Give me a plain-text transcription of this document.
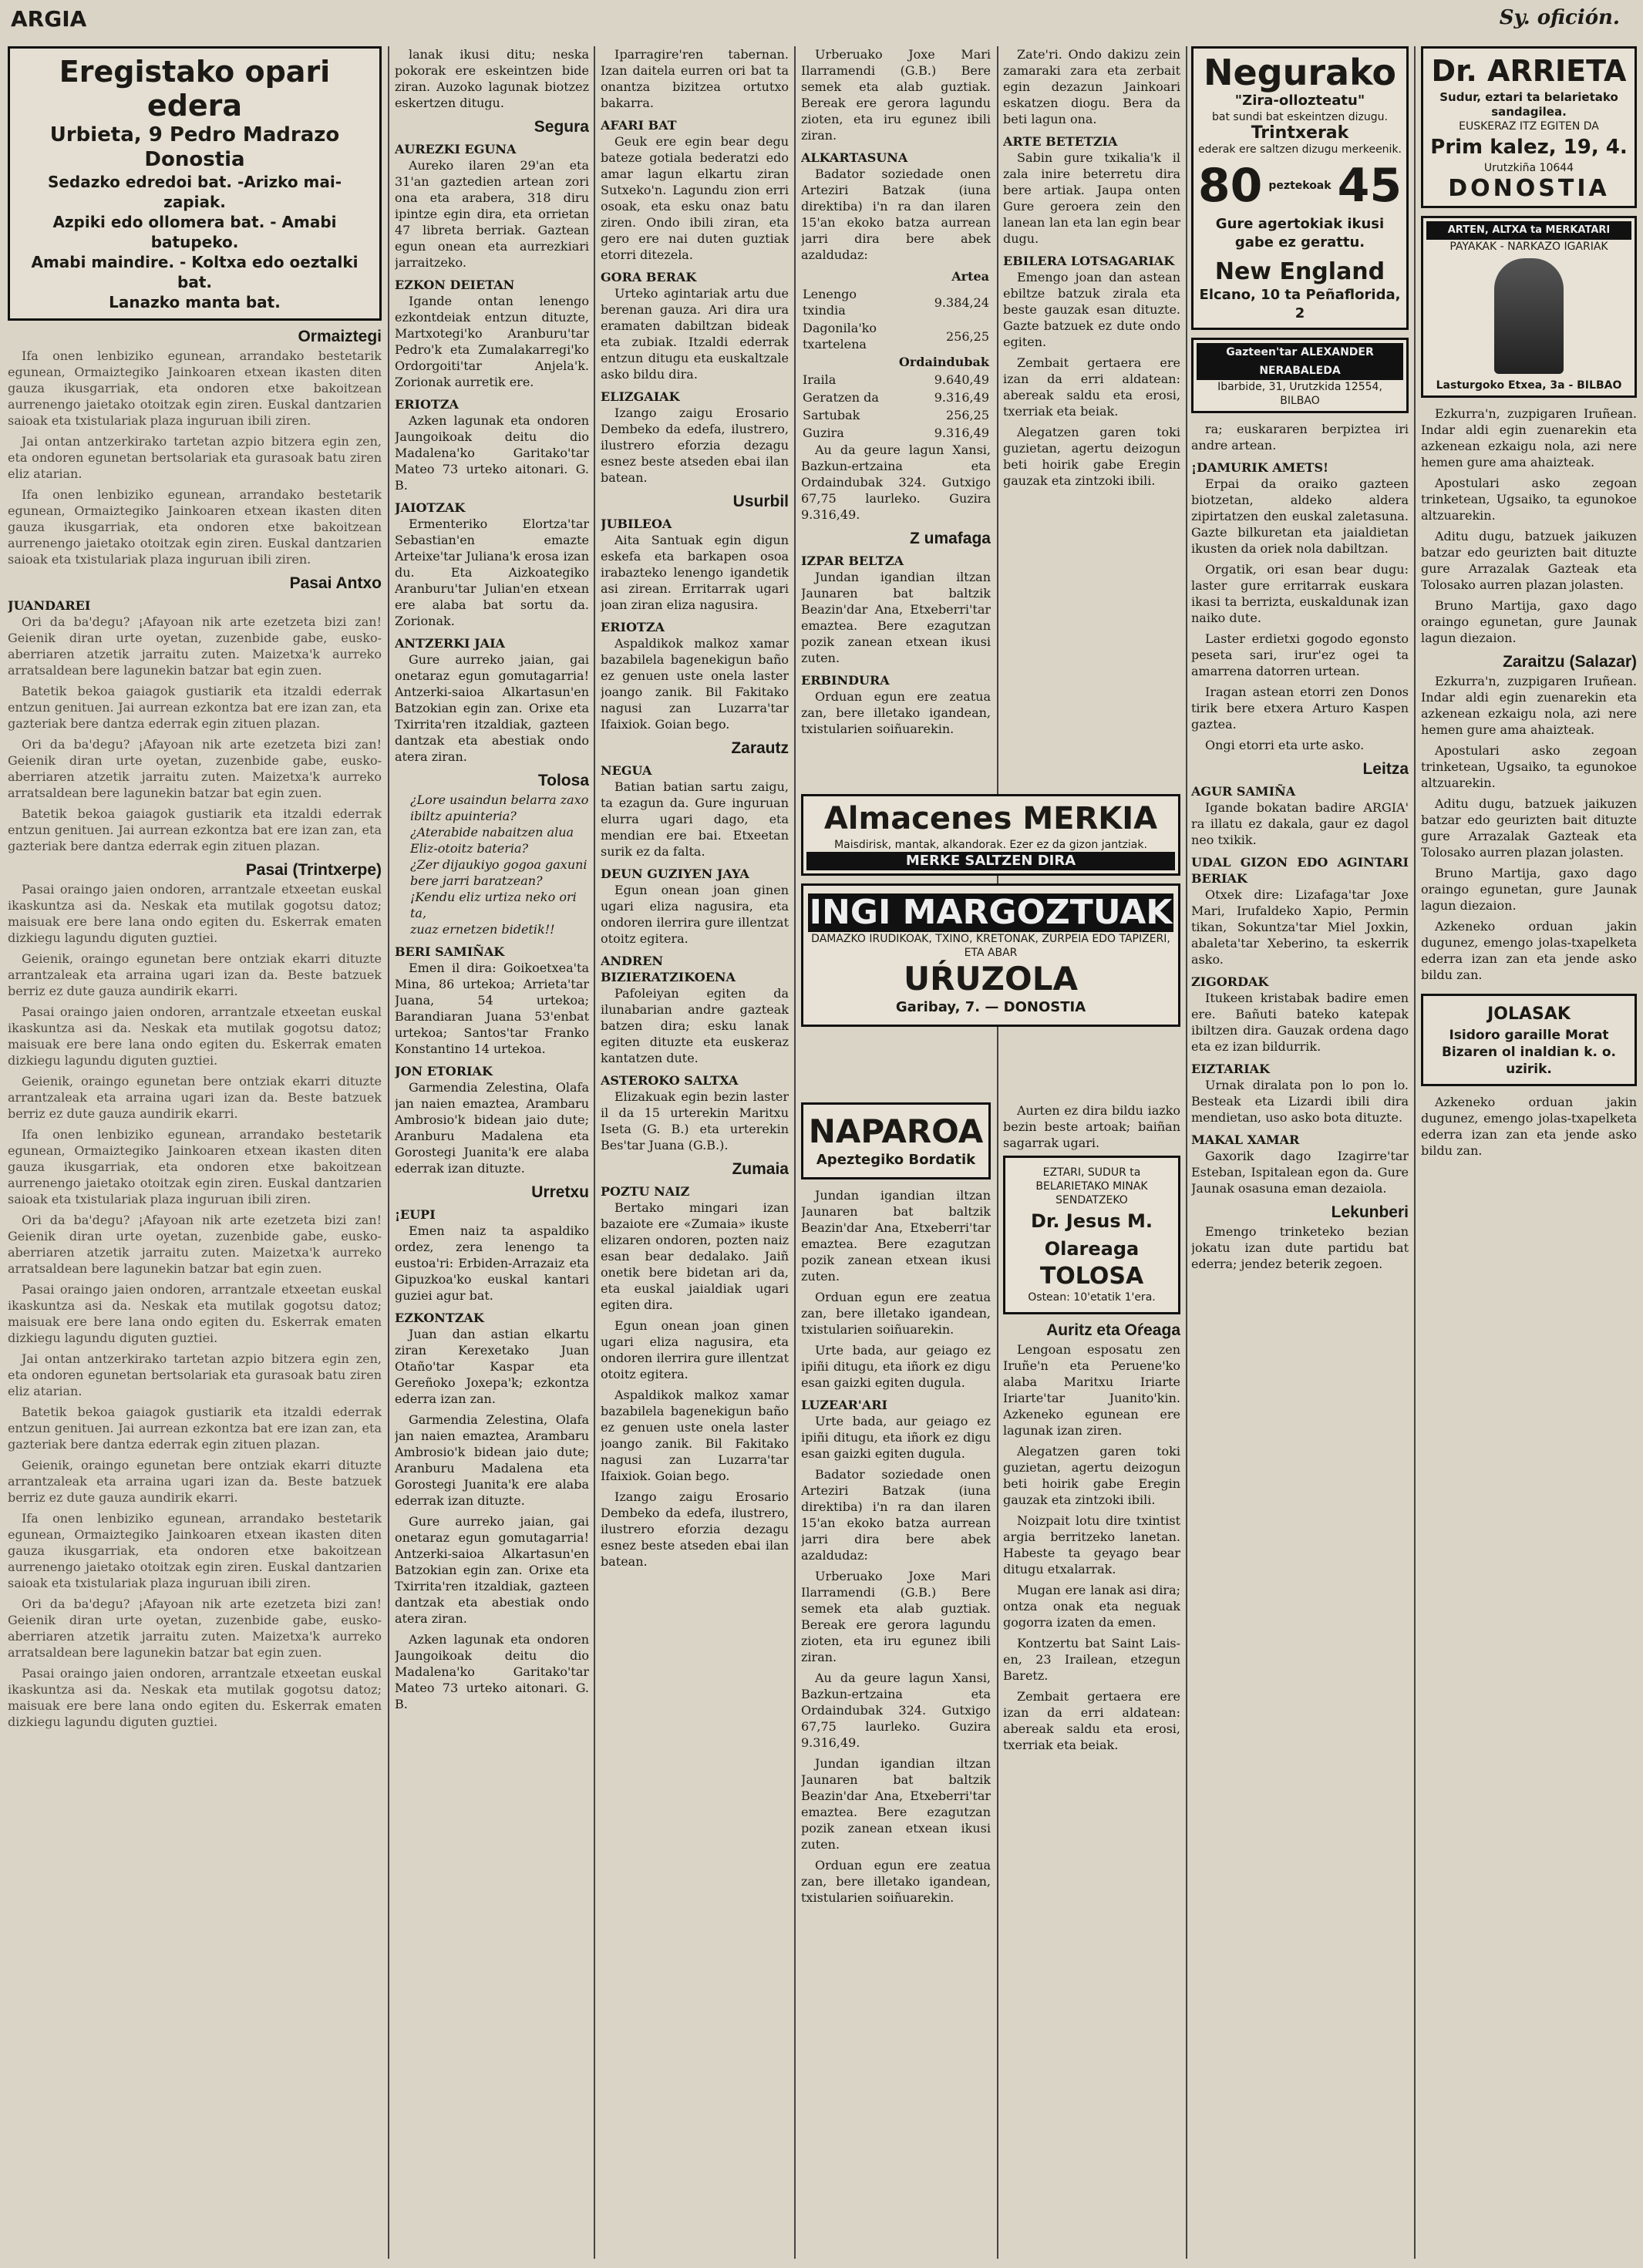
ARGIA	Sy. ofición.
Eregistako opari edera
Urbieta, 9 Pedro Madrazo Donostia
Sedazko edredoi bat. -Arizko mai-zapiak.
Azpiki edo ollomera bat. - Amabi batupeko.
Amabi maindire. - Koltxa edo oeztalki bat.
Lanazko manta bat.
Ormaiztegi

Ifa onen lenbiziko egunean, arrandako bestetarik egunean, Ormaiztegiko Jainkoaren etxean ikasten diten gauza ikusgarriak, eta ondoren etxe bakoitzean aurrenengo jaietako otoitzak egin ziren. Euskal dantzarien saioak eta txistulariak plaza inguruan ibili ziren.

Jai ontan antzerkirako tartetan azpio bitzera egin zen, eta ondoren egunetan bertsolariak eta gurasoak batu ziren eliz atarian.

Ifa onen lenbiziko egunean, arrandako bestetarik egunean, Ormaiztegiko Jainkoaren etxean ikasten diten gauza ikusgarriak, eta ondoren etxe bakoitzean aurrenengo jaietako otoitzak egin ziren. Euskal dantzarien saioak eta txistulariak plaza inguruan ibili ziren.

Pasai Antxo
JUANDAREI

Ori da ba'degu? ¡Afayoan nik arte ezetzeta bizi zan! Geienik diran urte oyetan, zuzenbide gabe, eusko-aberriaren atzetik jarraitu zuten. Maizetxa'k aurreko arratsaldean bere lagunekin batzar bat egin zuen.

Batetik bekoa gaiagok gustiarik eta itzaldi ederrak entzun genituen. Jai aurrean ezkontza bat ere izan zan, eta gazteriak bere dantza ederrak egin zituen plazan.

Ori da ba'degu? ¡Afayoan nik arte ezetzeta bizi zan! Geienik diran urte oyetan, zuzenbide gabe, eusko-aberriaren atzetik jarraitu zuten. Maizetxa'k aurreko arratsaldean bere lagunekin batzar bat egin zuen.

Batetik bekoa gaiagok gustiarik eta itzaldi ederrak entzun genituen. Jai aurrean ezkontza bat ere izan zan, eta gazteriak bere dantza ederrak egin zituen plazan.

Pasai (Trintxerpe)

Pasai oraingo jaien ondoren, arrantzale etxeetan euskal ikaskuntza asi da. Neskak eta mutilak gogotsu datoz; maisuak ere bere lana ondo egiten du. Eskerrak ematen dizkiegu lagundu diguten guztiei.

Geienik, oraingo egunetan bere ontziak ekarri dituzte arrantzaleak eta arraina ugari izan da. Beste batzuek berriz ez dute gauza aundirik ekarri.

Pasai oraingo jaien ondoren, arrantzale etxeetan euskal ikaskuntza asi da. Neskak eta mutilak gogotsu datoz; maisuak ere bere lana ondo egiten du. Eskerrak ematen dizkiegu lagundu diguten guztiei.

Geienik, oraingo egunetan bere ontziak ekarri dituzte arrantzaleak eta arraina ugari izan da. Beste batzuek berriz ez dute gauza aundirik ekarri.

Ifa onen lenbiziko egunean, arrandako bestetarik egunean, Ormaiztegiko Jainkoaren etxean ikasten diten gauza ikusgarriak, eta ondoren etxe bakoitzean aurrenengo jaietako otoitzak egin ziren. Euskal dantzarien saioak eta txistulariak plaza inguruan ibili ziren.

Ori da ba'degu? ¡Afayoan nik arte ezetzeta bizi zan! Geienik diran urte oyetan, zuzenbide gabe, eusko-aberriaren atzetik jarraitu zuten. Maizetxa'k aurreko arratsaldean bere lagunekin batzar bat egin zuen.

Pasai oraingo jaien ondoren, arrantzale etxeetan euskal ikaskuntza asi da. Neskak eta mutilak gogotsu datoz; maisuak ere bere lana ondo egiten du. Eskerrak ematen dizkiegu lagundu diguten guztiei.

Jai ontan antzerkirako tartetan azpio bitzera egin zen, eta ondoren egunetan bertsolariak eta gurasoak batu ziren eliz atarian.

Batetik bekoa gaiagok gustiarik eta itzaldi ederrak entzun genituen. Jai aurrean ezkontza bat ere izan zan, eta gazteriak bere dantza ederrak egin zituen plazan.

Geienik, oraingo egunetan bere ontziak ekarri dituzte arrantzaleak eta arraina ugari izan da. Beste batzuek berriz ez dute gauza aundirik ekarri.

Ifa onen lenbiziko egunean, arrandako bestetarik egunean, Ormaiztegiko Jainkoaren etxean ikasten diten gauza ikusgarriak, eta ondoren etxe bakoitzean aurrenengo jaietako otoitzak egin ziren. Euskal dantzarien saioak eta txistulariak plaza inguruan ibili ziren.

Ori da ba'degu? ¡Afayoan nik arte ezetzeta bizi zan! Geienik diran urte oyetan, zuzenbide gabe, eusko-aberriaren atzetik jarraitu zuten. Maizetxa'k aurreko arratsaldean bere lagunekin batzar bat egin zuen.

Pasai oraingo jaien ondoren, arrantzale etxeetan euskal ikaskuntza asi da. Neskak eta mutilak gogotsu datoz; maisuak ere bere lana ondo egiten du. Eskerrak ematen dizkiegu lagundu diguten guztiei.

lanak ikusi ditu; neska pokorak ere eskeintzen bide ziran. Auzoko lagunak biotzez eskertzen ditugu.

Segura
AUREZKI EGUNA

Aureko ilaren 29'an eta 31'an gaztedien artean zori ona eta arabera, 318 diru ipintze egin dira, eta orrietan 47 libreta berriak. Gaztean egun onean eta aurrezkiari jarraitzeko.

EZKON DEIETAN

Igande ontan lenengo ezkontdeiak entzun dituzte, Martxotegi'ko Aranburu'tar Pedro'k eta Zumalakarregi'ko Ordorgoiti'tar Anjela'k. Zorionak aurretik ere.

ERIOTZA

Azken lagunak eta ondoren Jaungoikoak deitu dio Madalena'ko Garitako'tar Mateo 73 urteko aitonari. G. B.

JAIOTZAK

Ermenteriko Elortza'tar Sebastian'en emazte Arteixe'tar Juliana'k erosa izan du. Eta Aizkoategiko Aranburu'tar Julian'en etxean ere alaba bat sortu da. Zorionak.

ANTZERKI JAIA

Gure aurreko jaian, gai onetaraz egun gomutagarria! Antzerki-saioa Alkartasun'en Batzokian egin zan. Orixe eta Txirrita'ren itzaldiak, gazteen dantzak eta abestiak ondo atera ziran.

Tolosa
¿Lore usaindun belarra zaxo
ibiltz apuinteria?
¿Aterabide nabaitzen alua
Eliz-otoitz bateria?
¿Zer dijaukiyo gogoa gaxuni
bere jarri baratzean?
¡Kendu eliz urtiza neko ori ta,
zuaz ernetzen bidetik!!
BERI SAMIÑAK

Emen il dira: Goikoetxea'ta Mina, 86 urtekoa; Arrieta'tar Juana, 54 urtekoa; Barandiaran Juana 53'enbat urtekoa; Santos'tar Franko Konstantino 14 urtekoa.

JON ETORIAK

Garmendia Zelestina, Olafa jan naien emaztea, Arambaru Ambrosio'k bidean jaio dute; Aranburu Madalena eta Gorostegi Juanita'k ere alaba ederrak izan dituzte.

Urretxu
¡EUPI

Emen naiz ta aspaldiko ordez, zera lenengo ta eustoa'ri: Erbiden-Arrazaiz eta Gipuzkoa'ko euskal kantari guziei agur bat.

EZKONTZAK

Juan dan astian elkartu ziran Kerexetako Juan Otaño'tar Kaspar eta Gereñoko Joxepa'k; ezkontza ederra izan zan.

Garmendia Zelestina, Olafa jan naien emaztea, Arambaru Ambrosio'k bidean jaio dute; Aranburu Madalena eta Gorostegi Juanita'k ere alaba ederrak izan dituzte.

Gure aurreko jaian, gai onetaraz egun gomutagarria! Antzerki-saioa Alkartasun'en Batzokian egin zan. Orixe eta Txirrita'ren itzaldiak, gazteen dantzak eta abestiak ondo atera ziran.

Azken lagunak eta ondoren Jaungoikoak deitu dio Madalena'ko Garitako'tar Mateo 73 urteko aitonari. G. B.

Iparragire'ren tabernan. Izan daitela eurren ori bat ta onantza bizitzea ortutxo bakarra.

AFARI BAT

Geuk ere egin bear degu bateze gotiala bederatzi edo amar lagun elkartu ziran Sutxeko'n. Lagundu zion erri osoak, eta esku onaz batu ziren. Ondo ibili ziran, eta gero ere nai duten guztiak etorri ditezela.

GORA BERAK

Urteko agintariak artu due berenan gauza. Ari dira ura eramaten dabiltzan bideak eta zubiak. Itzaldi ederrak entzun ditugu eta euskaltzale asko bildu dira.

ELIZGAIAK

Izango zaigu Erosario Dembeko da edefa, ilustrero, ilustrero eforzia dezagu esnez beste atseden ebai ilan batean.

Usurbil
JUBILEOA

Aita Santuak egin digun eskefa eta barkapen osoa irabazteko lenengo igandetik asi zirean. Erritarrak ugari joan ziran eliza nagusira.

ERIOTZA

Aspaldikok malkoz xamar bazabilela bagenekigun baño ez genuen uste onela laster joango zanik. Bil Fakitako nagusi zan Luzarra'tar Ifaixiok. Goian bego.

Zarautz
NEGUA

Batian batian sartu zaigu, ta ezagun da. Gure inguruan elurra ugari dago, eta mendian ere bai. Etxeetan surik ez da falta.

DEUN GUZIYEN JAYA

Egun onean joan ginen ugari eliza nagusira, eta ondoren ilerrira gure illentzat otoitz egitera.

ANDREN BIZIERATZIKOENA

Pafoleiyan egiten da ilunabarian andre gazteak batzen dira; esku lanak egiten dituzte eta euskeraz kantatzen dute.

ASTEROKO SALTXA

Elizakuak egin bezin laster il da 15 urterekin Maritxu Iseta (G. B.) eta urterekin Bes'tar Juana (G.B.).

Zumaia
POZTU NAIZ

Bertako mingari izan bazaiote ere «Zumaia» ikuste elizaren ondoren, pozten naiz esan bear dedalako. Jaiñ onetik bere bidetan ari da, eta euskal jaialdiak ugari egiten dira.

Egun onean joan ginen ugari eliza nagusira, eta ondoren ilerrira gure illentzat otoitz egitera.

Aspaldikok malkoz xamar bazabilela bagenekigun baño ez genuen uste onela laster joango zanik. Bil Fakitako nagusi zan Luzarra'tar Ifaixiok. Goian bego.

Izango zaigu Erosario Dembeko da edefa, ilustrero, ilustrero eforzia dezagu esnez beste atseden ebai ilan batean.

Urberuako Joxe Mari Ilarramendi (G.B.) Bere semek eta alab guztiak. Bereak ere gerora lagundu zioten, eta iru egunez ibili ziran.

ALKARTASUNA

Badator soziedade onen Arteziri Batzak (iuna direktiba) i'n ra dan ilaren 15'an ekoko batza aurrean jarri dira bere abek azaldudaz:

	Artea
Lenengo txindia	9.384,24
Dagonila'ko txartelena	256,25
	Ordaindubak
Iraila	9.640,49
Geratzen da	9.316,49
Sartubak	256,25
Guzira	9.316,49

Au da geure lagun Xansi, Bazkun-ertzaina eta Ordaindubak 324. Gutxigo 67,75 laurleko. Guzira 9.316,49.

Z umafaga
IZPAR BELTZA

Jundan igandian iltzan Jaunaren bat baltzik Beazin'dar Ana, Etxeberri'tar emaztea. Bere ezagutzan pozik zanean etxean ikusi zuten.

ERBINDURA

Orduan egun ere zeatua zan, bere illetako igandean, txistularien soiñuarekin.

Zate'ri. Ondo dakizu zein zamaraki zara eta zerbait egin dezazun Jainkoari eskatzen diogu. Bera da beti lagun ona.

ARTE BETETZIA

Sabin gure txikalia'k il zala inire beterretu dira bere artiak. Jaupa onten Gure geroera zein den lanean lan eta lan egin bear dugu.

EBILERA LOTSAGARIAK

Emengo joan dan astean ebiltze batzuk zirala eta beste gauzak esan dituzte. Gazte batzuek ez dute ondo egiten.

Zembait gertaera ere izan da erri aldatean: abereak saldu eta erosi, txerriak eta beiak.

Alegatzen garen toki guzietan, agertu deizogun beti hoirik gabe Eregin gauzak eta zintzoki ibili.

Almacenes MERKIA
Maisdirisk, mantak, alkandorak. Ezer ez da gizon jantziak.
MERKE SALTZEN DIRA
INGI MARGOZTUAK
DAMAZKO IRUDIKOAK, TXINO, KRETONAK, ZURPEIA EDO TAPIZERI, ETA ABAR
UŔUZOLA
Garibay, 7. — DONOSTIA
NAPAROA
Apeztegiko Bordatik

Jundan igandian iltzan Jaunaren bat baltzik Beazin'dar Ana, Etxeberri'tar emaztea. Bere ezagutzan pozik zanean etxean ikusi zuten.

Orduan egun ere zeatua zan, bere illetako igandean, txistularien soiñuarekin.

Urte bada, aur geiago ez ipiñi ditugu, eta iñork ez digu esan gaizki egiten dugula.

LUZEAR'ARI

Urte bada, aur geiago ez ipiñi ditugu, eta iñork ez digu esan gaizki egiten dugula.

Badator soziedade onen Arteziri Batzak (iuna direktiba) i'n ra dan ilaren 15'an ekoko batza aurrean jarri dira bere abek azaldudaz:

Urberuako Joxe Mari Ilarramendi (G.B.) Bere semek eta alab guztiak. Bereak ere gerora lagundu zioten, eta iru egunez ibili ziran.

Au da geure lagun Xansi, Bazkun-ertzaina eta Ordaindubak 324. Gutxigo 67,75 laurleko. Guzira 9.316,49.

Jundan igandian iltzan Jaunaren bat baltzik Beazin'dar Ana, Etxeberri'tar emaztea. Bere ezagutzan pozik zanean etxean ikusi zuten.

Orduan egun ere zeatua zan, bere illetako igandean, txistularien soiñuarekin.

Aurten ez dira bildu iazko bezin beste artoak; baiñan sagarrak ugari.

EZTARI, SUDUR ta BELARIETAKO MINAK SENDATZEKO
Dr. Jesus M. Olareaga
TOLOSA
Ostean: 10'etatik 1'era.
Auritz eta Oŕeaga

Lengoan esposatu zen Iruñe'n eta Peruene'ko alaba Maritxu Iriarte Iriarte'tar Juanito'kin. Azkeneko egunean ere lagunak izan ziren.

Alegatzen garen toki guzietan, agertu deizogun beti hoirik gabe Eregin gauzak eta zintzoki ibili.

Noizpait lotu dire txintist argia berritzeko lanetan. Habeste ta geyago bear ditugu etxalarrak.

Mugan ere lanak asi dira; ontza onak eta neguak gogorra izaten da emen.

Kontzertu bat Saint Lais-en, 23 Irailean, etzegun Baretz.

Zembait gertaera ere izan da erri aldatean: abereak saldu eta erosi, txerriak eta beiak.

Negurako
"Zira-ollozteatu"
bat sundi bat eskeintzen dizugu.
Trintxerak
ederak ere saltzen dizugu merkeenik.
80 peztekoak 45
Gure agertokiak ikusi gabe ez gerattu.
New England
Elcano, 10 ta Peñaflorida, 2
Gazteen'tar ALEXANDER NERABALEDA
Ibarbide, 31, Urutzkida 12554, BILBAO

ra; euskararen berpiztea iri andre artean.

¡DAMURIK AMETS!

Erpai da oraiko gazteen biotzetan, aldeko aldera zipirtatzen den euskal zaletasuna. Gazte bilkuretan eta jaialdietan ikusten da oriek nola dabiltzan.

Orgatik, ori esan bear dugu: laster gure erritarrak euskara ikasi ta berrizta, euskaldunak izan naiko dute.

Laster erdietxi gogodo egonsto peseta sari, irur'ez ogei ta amarrena datorren urtean.

Iragan astean etorri zen Donos tirik bere etxera Arturo Kaspen gaztea.

Ongi etorri eta urte asko.

Leitza
AGUR SAMIÑA

Igande bokatan badire ARGIA' ra illatu ez dakala, gaur ez dagol neo txikik.

UDAL GIZON EDO AGINTARI BERIAK

Otxek dire: Lizafaga'tar Joxe Mari, Irufaldeko Xapio, Permin tikan, Sokuntza'tar Miel Joxkin, abaleta'tar Xeberino, ta eskerrik asko.

ZIGORDAK

Itukeen kristabak badire emen ere. Bañuti bateko katepak ibiltzen dira. Gauzak ordena dago eta ez izan bildurrik.

EIZTARIAK

Urnak diralata pon lo pon lo. Besteak eta Lizardi ibili dira mendietan, uso asko bota dituzte.

MAKAL XAMAR

Gaxorik dago Izagirre'tar Esteban, Ispitalean egon da. Gure Jaunak osasuna eman dezaiola.

Lekunberi

Emengo trinketeko bezian jokatu izan dute partidu bat ederra; jendez beterik zegoen.

Dr. ARRIETA
Sudur, eztari ta belarietako sandagilea.
EUSKERAZ ITZ EGITEN DA
Prim kalez, 19, 4.
Urutzkiña 10644
DONOSTIA
ARTEN, ALTXA ta MERKATARI
PAYAKAK - NARKAZO IGARIAK
Lasturgoko Etxea, 3a - BILBAO

Ezkurra'n, zuzpigaren Iruñean. Indar aldi egin zuenarekin eta azkenean ezkaigu nola, azi nere hemen gure ama ahaizteak.

Apostulari asko zegoan trinketean, Ugsaiko, ta egunokoe altzuarekin.

Aditu dugu, batzuek jaikuzen batzar edo geurizten bait dituzte gure Arrazalak Gazteak eta Tolosako aurren plazan jolasten.

Bruno Martija, gaxo dago oraingo egunetan, gure Jaunak lagun diezaion.

Zaraitzu (Salazar)

Ezkurra'n, zuzpigaren Iruñean. Indar aldi egin zuenarekin eta azkenean ezkaigu nola, azi nere hemen gure ama ahaizteak.

Apostulari asko zegoan trinketean, Ugsaiko, ta egunokoe altzuarekin.

Aditu dugu, batzuek jaikuzen batzar edo geurizten bait dituzte gure Arrazalak Gazteak eta Tolosako aurren plazan jolasten.

Bruno Martija, gaxo dago oraingo egunetan, gure Jaunak lagun diezaion.

Azkeneko orduan jakin dugunez, emengo jolas-txapelketa ederra izan zan eta jende asko bildu zan.

JOLASAK
Isidoro garaille Morat Bizaren ol inaldian k. o. uzirik.

Azkeneko orduan jakin dugunez, emengo jolas-txapelketa ederra izan zan eta jende asko bildu zan.
